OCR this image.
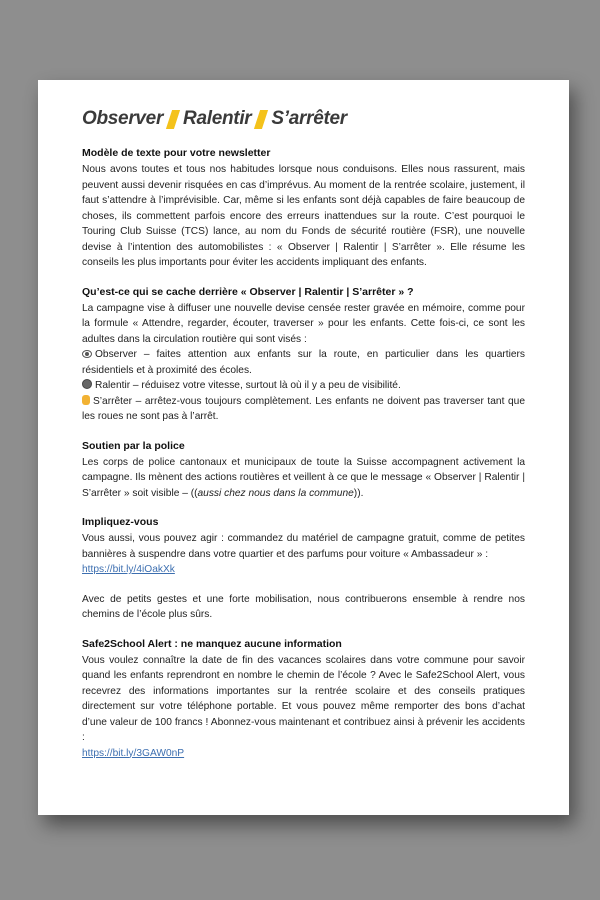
Observer Ralentir S’arrêter
Modèle de texte pour votre newsletter

Nous avons toutes et tous nos habitudes lorsque nous conduisons. Elles nous rassurent, mais peuvent aussi devenir risquées en cas d’imprévus. Au moment de la rentrée scolaire, justement, il faut s’attendre à l’imprévisible. Car, même si les enfants sont déjà capables de faire beaucoup de choses, ils commettent parfois encore des erreurs inattendues sur la route. C’est pourquoi le Touring Club Suisse (TCS) lance, au nom du Fonds de sécurité routière (FSR), une nouvelle devise à l’intention des automobilistes : « Observer | Ralentir | S’arrêter ». Elle résume les conseils les plus importants pour éviter les accidents impliquant des enfants.

Qu’est-ce qui se cache derrière « Observer | Ralentir | S’arrêter » ?

La campagne vise à diffuser une nouvelle devise censée rester gravée en mémoire, comme pour la formule « Attendre, regarder, écouter, traverser » pour les enfants. Cette fois-ci, ce sont les adultes dans la circulation routière qui sont visés :

Observer – faites attention aux enfants sur la route, en particulier dans les quartiers résidentiels et à proximité des écoles.

Ralentir – réduisez votre vitesse, surtout là où il y a peu de visibilité.

S’arrêter – arrêtez-vous toujours complètement. Les enfants ne doivent pas traverser tant que les roues ne sont pas à l’arrêt.

Soutien par la police

Les corps de police cantonaux et municipaux de toute la Suisse accompagnent activement la campagne. Ils mènent des actions routières et veillent à ce que le message « Observer | Ralentir | S’arrêter » soit visible – ((aussi chez nous dans la commune)).

Impliquez-vous

Vous aussi, vous pouvez agir : commandez du matériel de campagne gratuit, comme de petites bannières à suspendre dans votre quartier et des parfums pour voiture « Ambassadeur » :
https://bit.ly/4iOakXk

Avec de petits gestes et une forte mobilisation, nous contribuerons ensemble à rendre nos chemins de l’école plus sûrs.

Safe2School Alert : ne manquez aucune information

Vous voulez connaître la date de fin des vacances scolaires dans votre commune pour savoir quand les enfants reprendront en nombre le chemin de l’école ? Avec le Safe2School Alert, vous recevrez des informations importantes sur la rentrée scolaire et des conseils pratiques directement sur votre téléphone portable. Et vous pouvez même remporter des bons d’achat d’une valeur de 100 francs ! Abonnez-vous maintenant et contribuez ainsi à prévenir les accidents :
https://bit.ly/3GAW0nP
